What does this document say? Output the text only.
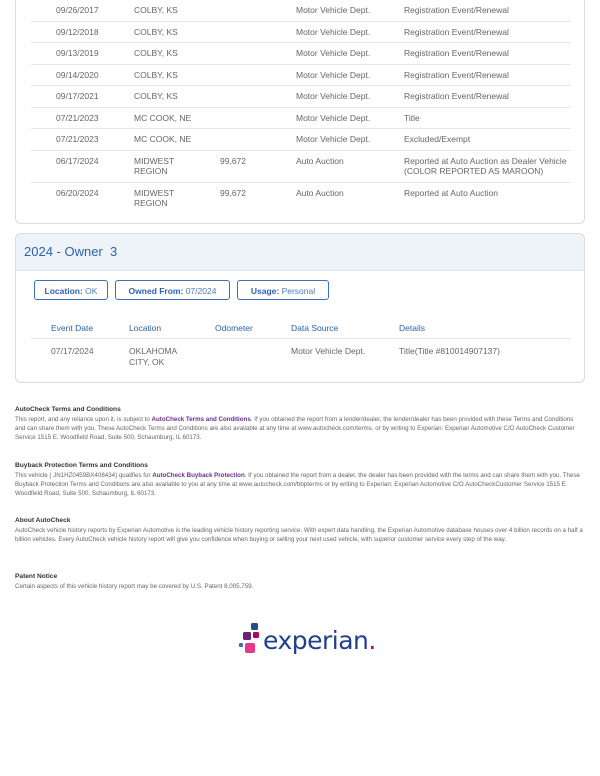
09/26/2017	COLBY, KS		Motor Vehicle Dept.	Registration Event/Renewal
09/12/2018	COLBY, KS		Motor Vehicle Dept.	Registration Event/Renewal
09/13/2019	COLBY, KS		Motor Vehicle Dept.	Registration Event/Renewal
09/14/2020	COLBY, KS		Motor Vehicle Dept.	Registration Event/Renewal
09/17/2021	COLBY, KS		Motor Vehicle Dept.	Registration Event/Renewal
07/21/2023	MC COOK, NE		Motor Vehicle Dept.	Title
07/21/2023	MC COOK, NE		Motor Vehicle Dept.	Excluded/Exempt
06/17/2024	MIDWEST
REGION	99,672	Auto Auction	Reported at Auto Auction as Dealer Vehicle
(COLOR REPORTED AS MAROON)
06/20/2024	MIDWEST
REGION	99,672	Auto Auction	Reported at Auto Auction
2024 - Owner 3
Location: OK	Owned From: 07/2024	Usage: Personal
Event Date	Location	Odometer	Data Source	Details
07/17/2024	OKLAHOMA
CITY, OK		Motor Vehicle Dept.	Title(Title #810014907137)
AutoCheck Terms and Conditions

This report, and any reliance upon it, is subject to AutoCheck Terms and Conditions. If you obtained the report from a lender/dealer, the lender/dealer has been provided with these Terms and Conditions and can share them with you. These AutoCheck Terms and Conditions are also available at any time at www.autocheck.com/terms. or by writing to Experian: Experian Automotive C/O AutoCheck Customer Service 1515 E. Woodfield Road, Suite 500, Schaumburg, IL 60173.

Buyback Protection Terms and Conditions

This vehicle ( JN1HZ0459BX408434) qualifies for AutoCheck Buyback Protection. If you obtained the report from a dealer, the dealer has been provided with the terms and can share them with you. These Buyback Protection Terms and Conditions are also available to you at any time at www.autocheck.com/bbpterms or by writing to Experian: Experian Automotive C/O AutoCheckCustomer Service 1515 E. Woodfield Road, Suite 500, Schaumburg, IL 60173.

About AutoCheck

AutoCheck vehicle history reports by Experian Automotive is the leading vehicle history reporting service. With expert data handling, the Experian Automotive database houses over 4 billion records on a half a billion vehicles. Every AutoCheck vehicle history report will give you confidence when buying or selling your next used vehicle, with superior customer service every step of the way.

Patent Notice

Certain aspects of this vehicle history report may be covered by U.S. Patent 8,005,759.

experian.
